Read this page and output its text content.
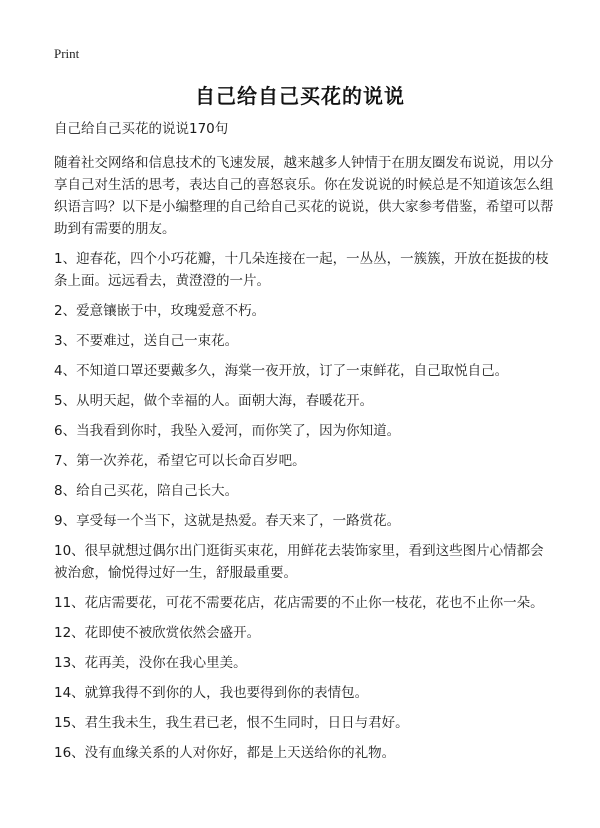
Print
自己给自己买花的说说

自己给自己买花的说说170句

随着社交网络和信息技术的飞速发展，越来越多人钟情于在朋友圈发布说说，用以分享自己对生活的思考，表达自己的喜怒哀乐。你在发说说的时候总是不知道该怎么组织语言吗？以下是小编整理的自己给自己买花的说说，供大家参考借鉴，希望可以帮助到有需要的朋友。

1、迎春花，四个小巧花瓣，十几朵连接在一起，一丛丛，一簇簇，开放在挺拔的枝条上面。远远看去，黄澄澄的一片。
2、爱意镶嵌于中，玫瑰爱意不朽。
3、不要难过，送自己一束花。
4、不知道口罩还要戴多久，海棠一夜开放，订了一束鲜花，自己取悦自己。
5、从明天起，做个幸福的人。面朝大海，春暖花开。
6、当我看到你时，我坠入爱河，而你笑了，因为你知道。
7、第一次养花，希望它可以长命百岁吧。
8、给自己买花，陪自己长大。
9、享受每一个当下，这就是热爱。春天来了，一路赏花。
10、很早就想过偶尔出门逛街买束花，用鲜花去装饰家里，看到这些图片心情都会被治愈，愉悦得过好一生，舒服最重要。
11、花店需要花，可花不需要花店，花店需要的不止你一枝花，花也不止你一朵。
12、花即使不被欣赏依然会盛开。
13、花再美，没你在我心里美。
14、就算我得不到你的人，我也要得到你的表情包。
15、君生我未生，我生君已老，恨不生同时，日日与君好。
16、没有血缘关系的人对你好，都是上天送给你的礼物。
